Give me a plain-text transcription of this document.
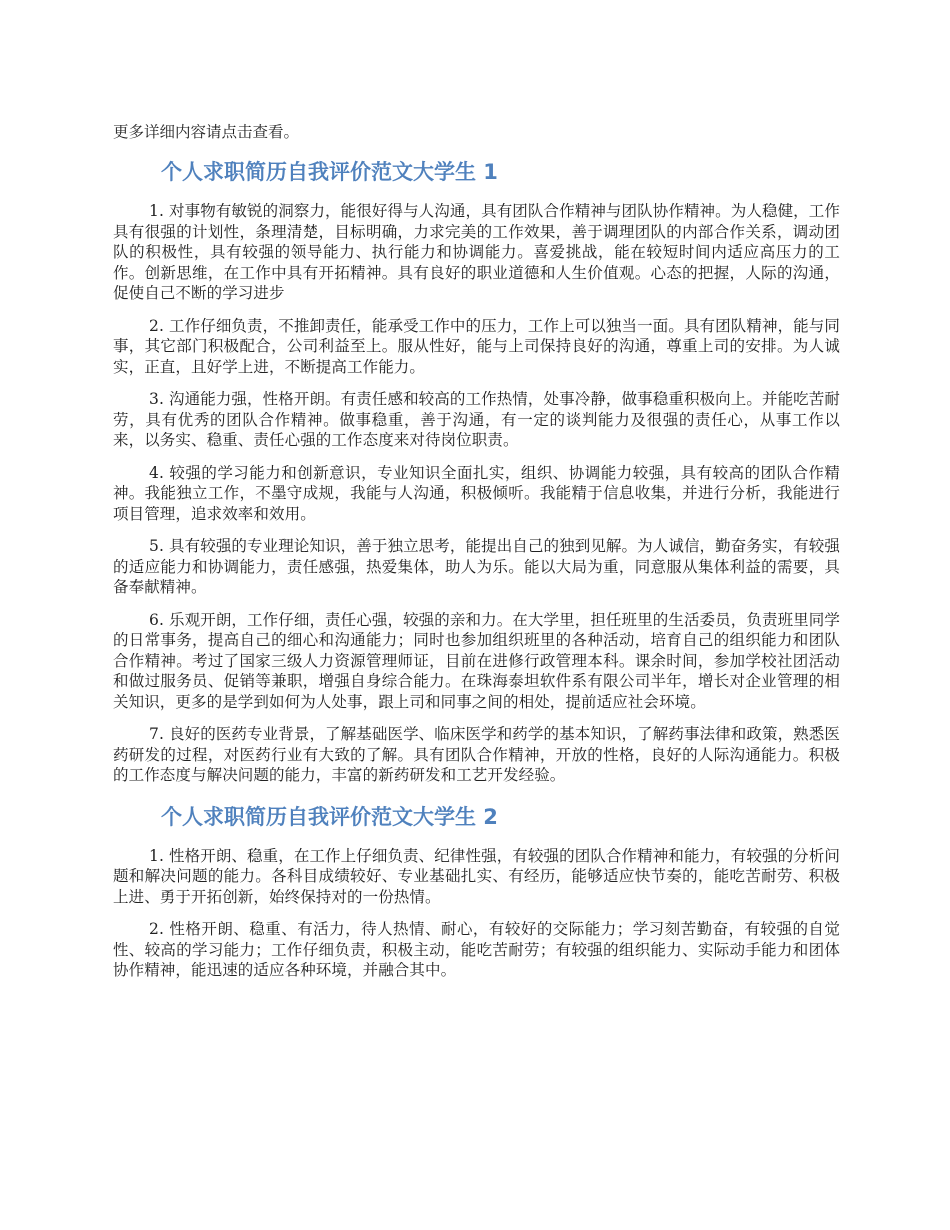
更多详细内容请点击查看。

个人求职简历自我评价范文大学生 1

1. 对事物有敏锐的洞察力，能很好得与人沟通，具有团队合作精神与团队协作精神。为人稳健，工作具有很强的计划性，条理清楚，目标明确，力求完美的工作效果，善于调理团队的内部合作关系，调动团队的积极性，具有较强的领导能力、执行能力和协调能力。喜爱挑战，能在较短时间内适应高压力的工作。创新思维，在工作中具有开拓精神。具有良好的职业道德和人生价值观。心态的把握，人际的沟通，促使自己不断的学习进步

2. 工作仔细负责，不推卸责任，能承受工作中的压力，工作上可以独当一面。具有团队精神，能与同事，其它部门积极配合，公司利益至上。服从性好，能与上司保持良好的沟通，尊重上司的安排。为人诚实，正直，且好学上进，不断提高工作能力。

3. 沟通能力强，性格开朗。有责任感和较高的工作热情，处事冷静，做事稳重积极向上。并能吃苦耐劳，具有优秀的团队合作精神。做事稳重，善于沟通，有一定的谈判能力及很强的责任心，从事工作以来，以务实、稳重、责任心强的工作态度来对待岗位职责。

4. 较强的学习能力和创新意识，专业知识全面扎实，组织、协调能力较强，具有较高的团队合作精神。我能独立工作，不墨守成规，我能与人沟通，积极倾听。我能精于信息收集，并进行分析，我能进行项目管理，追求效率和效用。

5. 具有较强的专业理论知识，善于独立思考，能提出自己的独到见解。为人诚信，勤奋务实，有较强的适应能力和协调能力，责任感强，热爱集体，助人为乐。能以大局为重，同意服从集体利益的需要，具备奉献精神。

6. 乐观开朗，工作仔细，责任心强，较强的亲和力。在大学里，担任班里的生活委员，负责班里同学的日常事务，提高自己的细心和沟通能力；同时也参加组织班里的各种活动，培育自己的组织能力和团队合作精神。考过了国家三级人力资源管理师证，目前在进修行政管理本科。课余时间，参加学校社团活动和做过服务员、促销等兼职，增强自身综合能力。在珠海泰坦软件系有限公司半年，增长对企业管理的相关知识，更多的是学到如何为人处事，跟上司和同事之间的相处，提前适应社会环境。

7. 良好的医药专业背景，了解基础医学、临床医学和药学的基本知识，了解药事法律和政策，熟悉医药研发的过程，对医药行业有大致的了解。具有团队合作精神，开放的性格，良好的人际沟通能力。积极的工作态度与解决问题的能力，丰富的新药研发和工艺开发经验。

个人求职简历自我评价范文大学生 2

1. 性格开朗、稳重，在工作上仔细负责、纪律性强，有较强的团队合作精神和能力，有较强的分析问题和解决问题的能力。各科目成绩较好、专业基础扎实、有经历，能够适应快节奏的，能吃苦耐劳、积极上进、勇于开拓创新，始终保持对的一份热情。

2. 性格开朗、稳重、有活力，待人热情、耐心，有较好的交际能力；学习刻苦勤奋，有较强的自觉性、较高的学习能力；工作仔细负责，积极主动，能吃苦耐劳；有较强的组织能力、实际动手能力和团体协作精神，能迅速的适应各种环境，并融合其中。
